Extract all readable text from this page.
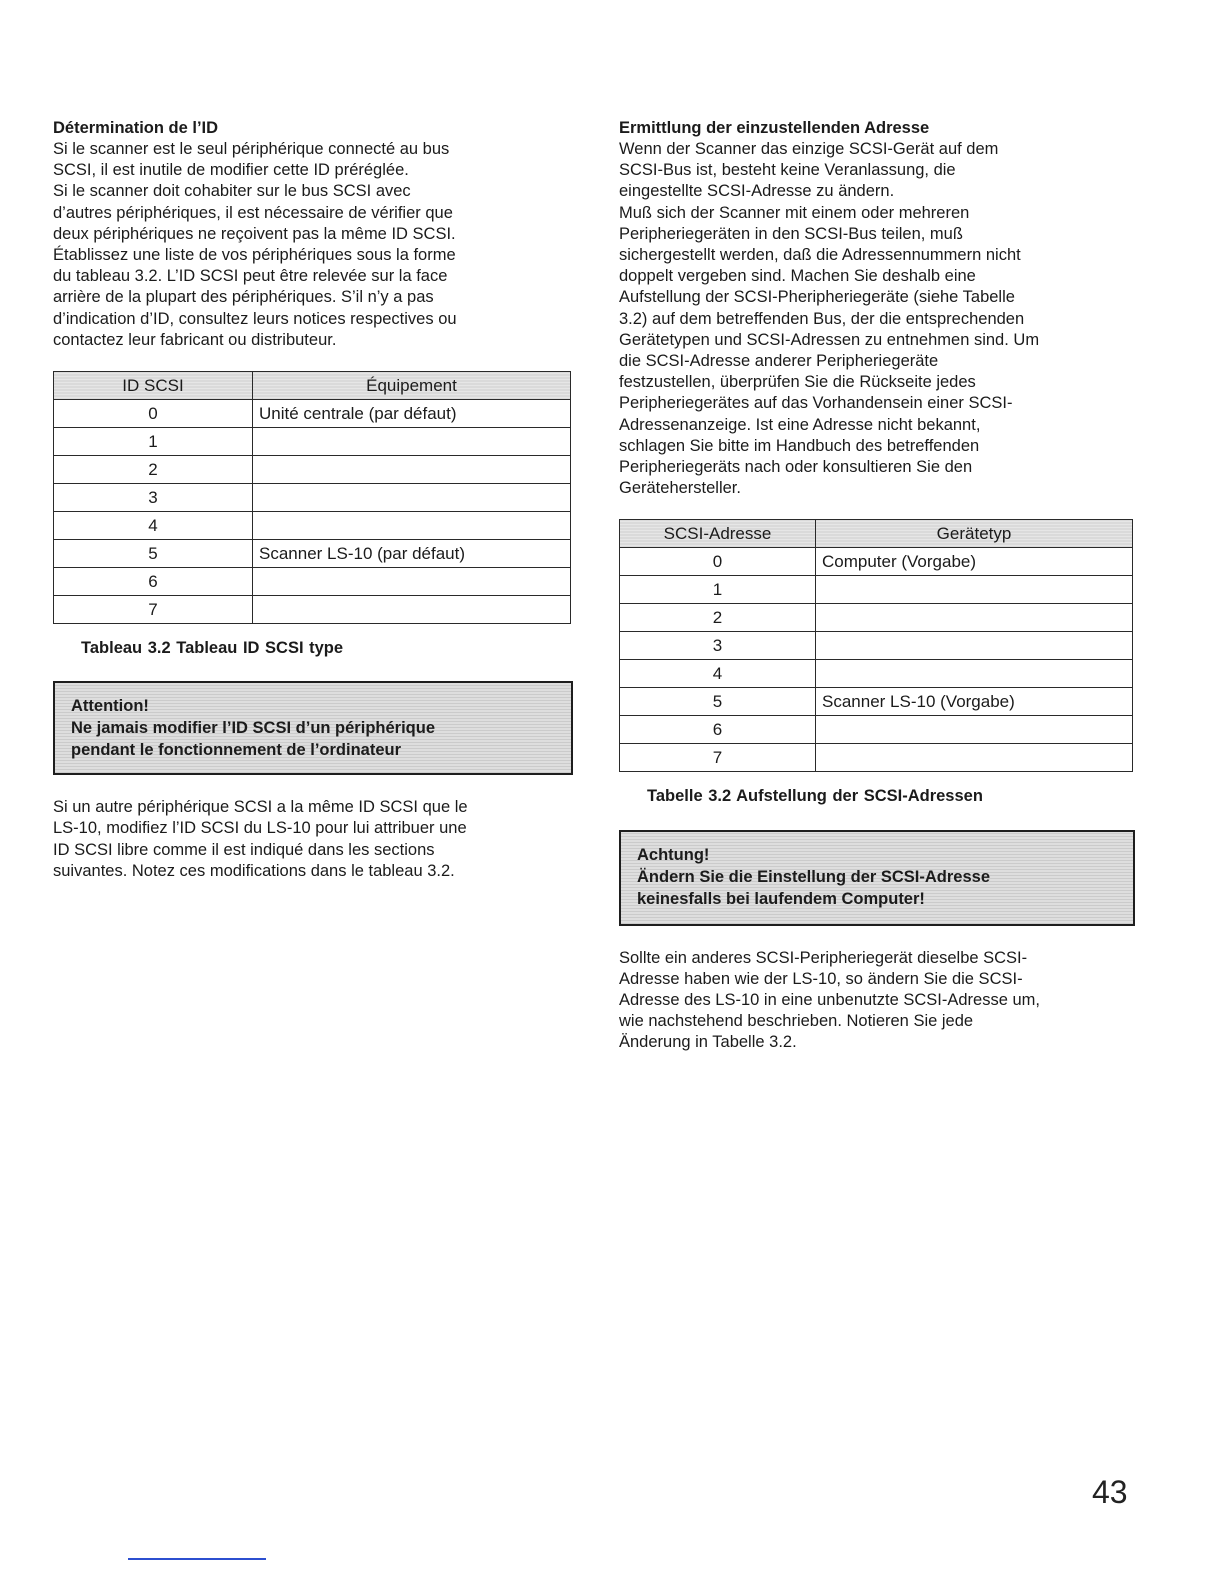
Détermination de l’ID

Si le scanner est le seul périphérique connecté au bus
SCSI, il est inutile de modifier cette ID préréglée.
Si le scanner doit cohabiter sur le bus SCSI avec
d’autres périphériques, il est nécessaire de vérifier que
deux périphériques ne reçoivent pas la même ID SCSI.
Établissez une liste de vos périphériques sous la forme
du tableau 3.2. L’ID SCSI peut être relevée sur la face
arrière de la plupart des périphériques. S’il n’y a pas
d’indication d’ID, consultez leurs notices respectives ou
contactez leur fabricant ou distributeur.

ID SCSI	Équipement
0	Unité centrale (par défaut)
1	
2	
3	
4	
5	Scanner LS-10 (par défaut)
6	
7	

Tableau 3.2 Tableau ID SCSI type

Attention!
Ne jamais modifier l’ID SCSI d’un périphérique
pendant le fonctionnement de l’ordinateur

Si un autre périphérique SCSI a la même ID SCSI que le
LS-10, modifiez l’ID SCSI du LS-10 pour lui attribuer une
ID SCSI libre comme il est indiqué dans les sections
suivantes. Notez ces modifications dans le tableau 3.2.

Ermittlung der einzustellenden Adresse

Wenn der Scanner das einzige SCSI-Gerät auf dem
SCSI-Bus ist, besteht keine Veranlassung, die
eingestellte SCSI-Adresse zu ändern.
Muß sich der Scanner mit einem oder mehreren
Peripheriegeräten in den SCSI-Bus teilen, muß
sichergestellt werden, daß die Adressennummern nicht
doppelt vergeben sind. Machen Sie deshalb eine
Aufstellung der SCSI-Pheripheriegeräte (siehe Tabelle
3.2) auf dem betreffenden Bus, der die entsprechenden
Gerätetypen und SCSI-Adressen zu entnehmen sind. Um
die SCSI-Adresse anderer Peripheriegeräte
festzustellen, überprüfen Sie die Rückseite jedes
Peripheriegerätes auf das Vorhandensein einer SCSI-
Adressenanzeige. Ist eine Adresse nicht bekannt,
schlagen Sie bitte im Handbuch des betreffenden
Peripheriegeräts nach oder konsultieren Sie den
Gerätehersteller.

SCSI-Adresse	Gerätetyp
0	Computer (Vorgabe)
1	
2	
3	
4	
5	Scanner LS-10 (Vorgabe)
6	
7	

Tabelle 3.2 Aufstellung der SCSI-Adressen

Achtung!
Ändern Sie die Einstellung der SCSI-Adresse
keinesfalls bei laufendem Computer!

Sollte ein anderes SCSI-Peripheriegerät dieselbe SCSI-
Adresse haben wie der LS-10, so ändern Sie die SCSI-
Adresse des LS-10 in eine unbenutzte SCSI-Adresse um,
wie nachstehend beschrieben. Notieren Sie jede
Änderung in Tabelle 3.2.

43
